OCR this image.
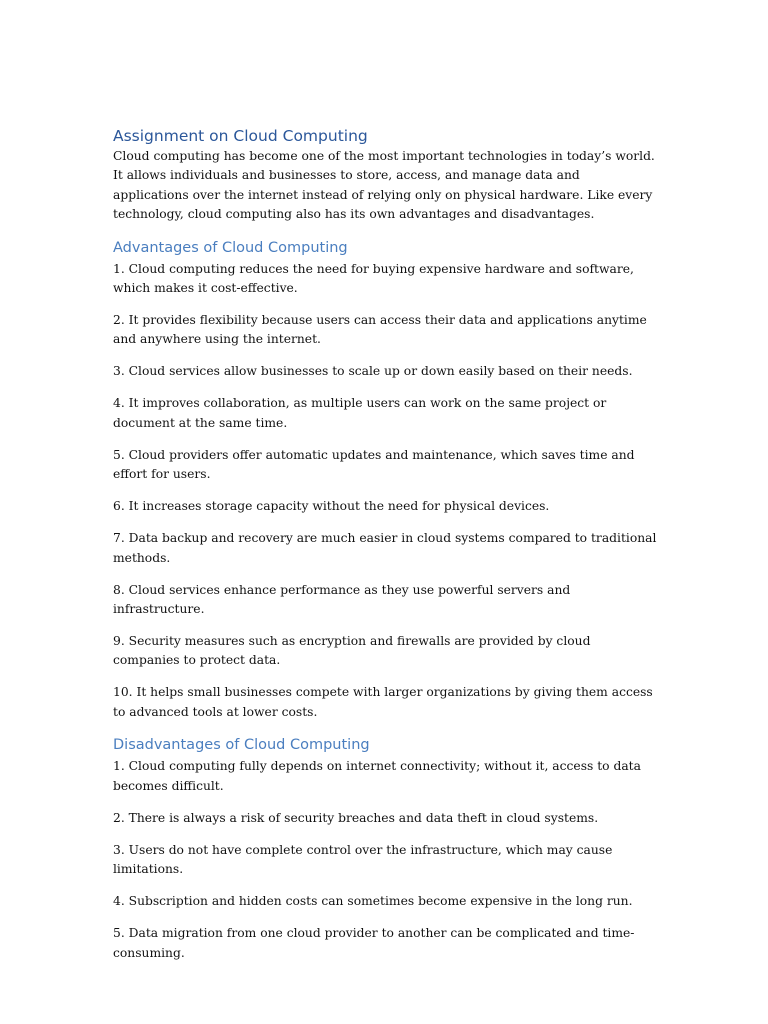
Assignment on Cloud Computing

Cloud computing has become one of the most important technologies in today’s world. It allows individuals and businesses to store, access, and manage data and applications over the internet instead of relying only on physical hardware. Like every technology, cloud computing also has its own advantages and disadvantages.

Advantages of Cloud Computing

1. Cloud computing reduces the need for buying expensive hardware and software, which makes it cost-effective.

2. It provides flexibility because users can access their data and applications anytime and anywhere using the internet.

3. Cloud services allow businesses to scale up or down easily based on their needs.

4. It improves collaboration, as multiple users can work on the same project or document at the same time.

5. Cloud providers offer automatic updates and maintenance, which saves time and effort for users.

6. It increases storage capacity without the need for physical devices.

7. Data backup and recovery are much easier in cloud systems compared to traditional methods.

8. Cloud services enhance performance as they use powerful servers and infrastructure.

9. Security measures such as encryption and firewalls are provided by cloud companies to protect data.

10. It helps small businesses compete with larger organizations by giving them access to advanced tools at lower costs.

Disadvantages of Cloud Computing

1. Cloud computing fully depends on internet connectivity; without it, access to data becomes difficult.

2. There is always a risk of security breaches and data theft in cloud systems.

3. Users do not have complete control over the infrastructure, which may cause limitations.

4. Subscription and hidden costs can sometimes become expensive in the long run.

5. Data migration from one cloud provider to another can be complicated and time-consuming.
